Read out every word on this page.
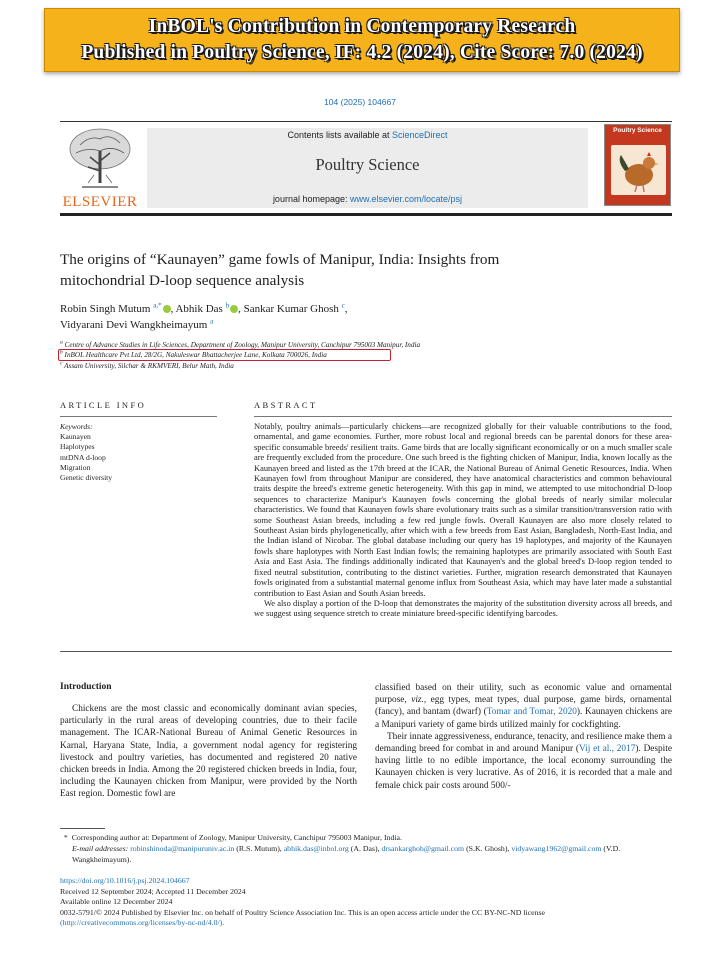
InBOL's Contribution in Contemporary Research
Published in Poultry Science, IF: 4.2 (2024), Cite Score: 7.0 (2024)
104 (2025) 104667
ELSEVIER
Contents lists available at ScienceDirect
Poultry Science
journal homepage: www.elsevier.com/locate/psj
Poultry Science
The origins of “Kaunayen” game fowls of Manipur, India: Insights from
mitochondrial D-loop sequence analysis
Robin Singh Mutum $^{a,*}$ , Abhik Das $^b$ , Sankar Kumar Ghosh $^c$,
Vidyarani Devi Wangkheimayum $^a$
$^a$ Centre of Advance Studies in Life Sciences, Department of Zoology, Manipur University, Canchipur 795003 Manipur, India
$^b$ InBOL Healthcare Pvt Ltd, 28/2G, Nakuleswar Bhattacherjee Lane, Kolkata 700026, India
$^c$ Assam University, Silchar & RKMVERI, Belur Math, India
ARTICLE INFO
Keywords:
Kaunayen
Haplotypes
mtDNA d-loop
Migration
Genetic diversity
ABSTRACT

Notably, poultry animals—particularly chickens—are recognized globally for their valuable contributions to the food, ornamental, and game economies. Further, more robust local and regional breeds can be parental donors for these area-specific consumable breeds' resilient traits. Game birds that are locally significant economically or on a much smaller scale are frequently excluded from the procedure. One such breed is the fighting chicken of Manipur, India, known locally as the Kaunayen breed and listed as the 17th breed at the ICAR, the National Bureau of Animal Genetic Resources, India. When Kaunayen fowl from throughout Manipur are considered, they have anatomical characteristics and common behavioural traits despite the breed's extreme genetic heterogeneity. With this gap in mind, we attempted to use mitochondrial D-loop sequences to characterize Manipur's Kaunayen fowls concerning the global breeds of nearly similar molecular characteristics. We found that Kaunayen fowls share evolutionary traits such as a similar transition/transversion ratio with some Southeast Asian breeds, including a few red jungle fowls. Overall Kaunayen are also more closely related to Southeast Asian birds phylogenetically, after which with a few breeds from East Asian, Bangladesh, North-East India, and the Indian island of Nicobar. The global database including our query has 19 haplotypes, and majority of the Kaunayen fowls share haplotypes with North East Indian fowls; the remaining haplotypes are primarily associated with South East Asia and East Asia. The findings additionally indicated that Kaunayen's and the global breed's D-loop region tended to fixed neutral substitution, contributing to the distinct varieties. Further, migration research demonstrated that Kaunayen fowls originated from a substantial maternal genome influx from Southeast Asia, which may have later made a substantial contribution to East Asian and South Asian breeds.

We also display a portion of the D-loop that demonstrates the majority of the substitution diversity across all breeds, and we suggest using sequence stretch to create miniature breed-specific identifying barcodes.

Introduction

Chickens are the most classic and economically dominant avian species, particularly in the rural areas of developing countries, due to their facile management. The ICAR-National Bureau of Animal Genetic Resources in Karnal, Haryana State, India, a government nodal agency for registering livestock and poultry varieties, has documented and registered 20 native chicken breeds in India. Among the 20 registered chicken breeds in India, four, including the Kaunayen chicken from Manipur, were provided by the North East region. Domestic fowl are

classified based on their utility, such as economic value and ornamental purpose, viz., egg types, meat types, dual purpose, game birds, ornamental (fancy), and bantam (dwarf) (Tomar and Tomar, 2020). Kaunayen chickens are a Manipuri variety of game birds utilized mainly for cockfighting.

Their innate aggressiveness, endurance, tenacity, and resilience make them a demanding breed for combat in and around Manipur (Vij et al., 2017). Despite having little to no edible importance, the local economy surrounding the Kaunayen chicken is very lucrative. As of 2016, it is recorded that a male and female chick pair costs around 500/-

* Corresponding author at: Department of Zoology, Manipur University, Canchipur 795003 Manipur, India.
E-mail addresses: robinshinoda@manipuruniv.ac.in (R.S. Mutum), abhik.das@inbol.org (A. Das), drsankarghoh@gmail.com (S.K. Ghosh), vidyawang1962@gmail.com (V.D. Wangkheimayum).
https://doi.org/10.1016/j.psj.2024.104667
Received 12 September 2024; Accepted 11 December 2024
Available online 12 December 2024
0032-5791/© 2024 Published by Elsevier Inc. on behalf of Poultry Science Association Inc. This is an open access article under the CC BY-NC-ND license
(http://creativecommons.org/licenses/by-nc-nd/4.0/).
